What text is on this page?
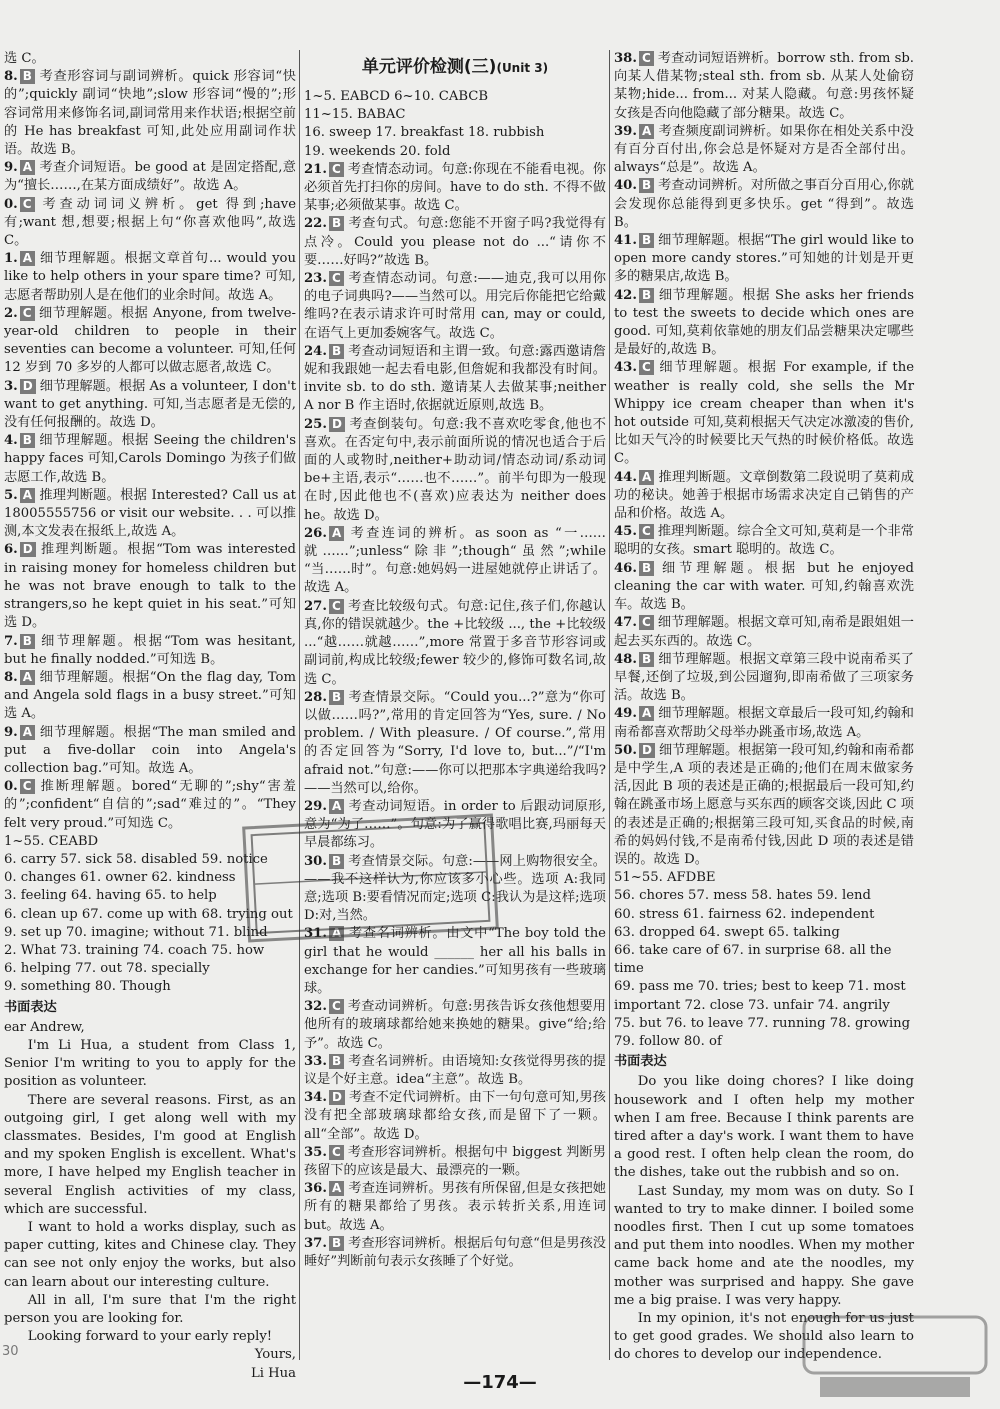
单元评价检测(三)(Unit 3)
选 C。
8. B 考查形容词与副词辨析。quick 形容词“快的”;quickly 副词“快地”;slow 形容词“慢的”;形容词常用来修饰名词,副词常用来作状语;根据空前的 He has breakfast 可知,此处应用副词作状语。故选 B。
9. A 考查介词短语。be good at 是固定搭配,意为“擅长……,在某方面成绩好”。故选 A。
0. C 考查动词词义辨析。get 得到;have 有;want 想,想要;根据上句“你喜欢他吗”,故选 C。
1. A 细节理解题。根据文章首句... would you like to help others in your spare time? 可知,志愿者帮助别人是在他们的业余时间。故选 A。
2. C 细节理解题。根据 Anyone, from twelve-year-old children to people in their seventies can become a volunteer. 可知,任何 12 岁到 70 多岁的人都可以做志愿者,故选 C。
3. D 细节理解题。根据 As a volunteer, I don't want to get anything. 可知,当志愿者是无偿的,没有任何报酬的。故选 D。
4. B 细节理解题。根据 Seeing the children's happy faces 可知,Carols Domingo 为孩子们做志愿工作,故选 B。
5. A 推理判断题。根据 Interested? Call us at 18005555756 or visit our website. . . 可以推测,本文发表在报纸上,故选 A。
6. D 推理判断题。根据“Tom was interested in raising money for homeless children but he was not brave enough to talk to the strangers,so he kept quiet in his seat.”可知选 D。
7. B 细节理解题。根据“Tom was hesitant, but he finally nodded.”可知选 B。
8. A 细节理解题。根据“On the flag day, Tom and Angela sold flags in a busy street.”可知选 A。
9. A 细节理解题。根据“The man smiled and put a five-dollar coin into Angela's collection bag.”可知。故选 A。
0. C 推断理解题。bored“无聊的”;shy“害羞的”;confident“自信的”;sad“难过的”。“They felt very proud.”可知选 C。
1~55. CEABD
6. carry 57. sick 58. disabled 59. notice
0. changes 61. owner 62. kindness
3. feeling 64. having 65. to help
6. clean up 67. come up with 68. trying out
9. set up 70. imagine; without 71. blind
2. What 73. training 74. coach 75. how
6. helping 77. out 78. specially
9. something 80. Though
书面表达
ear Andrew,
I'm Li Hua, a student from Class 1, Senior I'm writing to you to apply for the position as volunteer.
There are several reasons. First, as an outgoing girl, I get along well with my classmates. Besides, I'm good at English and my spoken English is excellent. What's more, I have helped my English teacher in several English activities of my class, which are successful.
I want to hold a works display, such as paper cutting, kites and Chinese clay. They can see not only enjoy the works, but also can learn about our interesting culture.
All in all, I'm sure that I'm the right person you are looking for.
Looking forward to your early reply!
Yours,
Li Hua
1~5. EABCD 6~10. CABCB
11~15. BABAC
16. sweep 17. breakfast 18. rubbish
19. weekends 20. fold
21. C 考查情态动词。句意:你现在不能看电视。你必须首先打扫你的房间。have to do sth. 不得不做某事;必须做某事。故选 C。
22. B 考查句式。句意:您能不开窗子吗?我觉得有点冷。Could you please not do ...“请你不要……好吗?”故选 B。
23. C 考查情态动词。句意:——迪克,我可以用你的电子词典吗?——当然可以。用完后你能把它给戴维吗?在表示请求许可时常用 can, may or could,在语气上更加委婉客气。故选 C。
24. B 考查动词短语和主谓一致。句意:露西邀请詹妮和我跟她一起去看电影,但詹妮和我都没有时间。invite sb. to do sth. 邀请某人去做某事;neither A nor B 作主语时,依据就近原则,故选 B。
25. D 考查倒装句。句意:我不喜欢吃零食,他也不喜欢。在否定句中,表示前面所说的情况也适合于后面的人或物时,neither+助动词/情态动词/系动词 be+主语,表示“……也不……”。前半句即为一般现在时,因此他也不(喜欢)应表达为 neither does he。故选 D。
26. A 考查连词的辨析。as soon as “一……就……”;unless“除非”;though“虽然”;while “当……时”。句意:她妈妈一进屋她就停止讲话了。故选 A。
27. C 考查比较级句式。句意:记住,孩子们,你越认真,你的错误就越少。the +比较级 ..., the +比较级 ...“越……就越……”,more 常置于多音节形容词或副词前,构成比较级;fewer 较少的,修饰可数名词,故选 C。
28. B 考查情景交际。“Could you...?”意为“你可以做……吗?”,常用的肯定回答为“Yes, sure. / No problem. / With pleasure. / Of course.”,常用的否定回答为“Sorry, I'd love to, but...”/“I'm afraid not.”句意:——你可以把那本字典递给我吗?——当然可以,给你。
29. A 考查动词短语。in order to 后跟动词原形,意为“为了……”。句意:为了赢得歌唱比赛,玛丽每天早晨都练习。
30. B 考查情景交际。句意:——网上购物很安全。——我不这样认为,你应该多小心些。选项 A:我同意;选项 B:要看情况而定;选项 C:我认为是这样;选项 D:对,当然。
31. A 考查名词辨析。由文中“The boy told the girl that he would ______ her all his balls in exchange for her candies.”可知男孩有一些玻璃球。
32. C 考查动词辨析。句意:男孩告诉女孩他想要用他所有的玻璃球都给她来换她的糖果。give“给;给予”。故选 C。
33. B 考查名词辨析。由语境知:女孩觉得男孩的提议是个好主意。idea“主意”。故选 B。
34. D 考查不定代词辨析。由下一句句意可知,男孩没有把全部玻璃球都给女孩,而是留下了一颗。all“全部”。故选 D。
35. C 考查形容词辨析。根据句中 biggest 判断男孩留下的应该是最大、最漂亮的一颗。
36. A 考查连词辨析。男孩有所保留,但是女孩把她所有的糖果都给了男孩。表示转折关系,用连词 but。故选 A。
37. B 考查形容词辨析。根据后句句意“但是男孩没睡好”判断前句表示女孩睡了个好觉。
38. C 考查动词短语辨析。borrow sth. from sb. 向某人借某物;steal sth. from sb. 从某人处偷窃某物;hide... from... 对某人隐藏。句意:男孩怀疑女孩是否向他隐藏了部分糖果。故选 C。
39. A 考查频度副词辨析。如果你在相处关系中没有百分百付出,你会总是怀疑对方是否全部付出。always“总是”。故选 A。
40. B 考查动词辨析。对所做之事百分百用心,你就会发现你总能得到更多快乐。get “得到”。故选 B。
41. B 细节理解题。根据“The girl would like to open more candy stores.”可知她的计划是开更多的糖果店,故选 B。
42. B 细节理解题。根据 She asks her friends to test the sweets to decide which ones are good. 可知,莫莉依靠她的朋友们品尝糖果决定哪些是最好的,故选 B。
43. C 细节理解题。根据 For example, if the weather is really cold, she sells the Mr Whippy ice cream cheaper than when it's hot outside 可知,莫莉根据天气决定冰激凌的售价,比如天气冷的时候要比天气热的时候价格低。故选 C。
44. A 推理判断题。文章倒数第二段说明了莫莉成功的秘诀。她善于根据市场需求决定自己销售的产品和价格。故选 A。
45. C 推理判断题。综合全文可知,莫莉是一个非常聪明的女孩。smart 聪明的。故选 C。
46. B 细节理解题。根据 but he enjoyed cleaning the car with water. 可知,约翰喜欢洗车。故选 B。
47. C 细节理解题。根据文章可知,南希是跟姐姐一起去买东西的。故选 C。
48. B 细节理解题。根据文章第三段中说南希买了早餐,还倒了垃圾,到公园遛狗,即南希做了三项家务活。故选 B。
49. A 细节理解题。根据文章最后一段可知,约翰和南希都喜欢帮助父母举办跳蚤市场,故选 A。
50. D 细节理解题。根据第一段可知,约翰和南希都是中学生,A 项的表述是正确的;他们在周末做家务活,因此 B 项的表述是正确的;根据最后一段可知,约翰在跳蚤市场上愿意与买东西的顾客交谈,因此 C 项的表述是正确的;根据第三段可知,买食品的时候,南希的妈妈付钱,不是南希付钱,因此 D 项的表述是错误的。故选 D。
51~55. AFDBE
56. chores 57. mess 58. hates 59. lend
60. stress 61. fairness 62. independent
63. dropped 64. swept 65. talking
66. take care of 67. in surprise 68. all the time
69. pass me 70. tries; best to keep 71. most important 72. close 73. unfair 74. angrily
75. but 76. to leave 77. running 78. growing
79. follow 80. of
书面表达
Do you like doing chores? I like doing housework and I often help my mother when I am free. Because I think parents are tired after a day's work. I want them to have a good rest. I often help clean the room, do the dishes, take out the rubbish and so on.
Last Sunday, my mom was on duty. So I wanted to try to make dinner. I boiled some noodles first. Then I cut up some tomatoes and put them into noodles. When my mother came back home and ate the noodles, my mother was surprised and happy. She gave me a big praise. I was very happy.
In my opinion, it's not enough for us just to get good grades. We should also learn to do chores to develop our independence.
30
—174—
